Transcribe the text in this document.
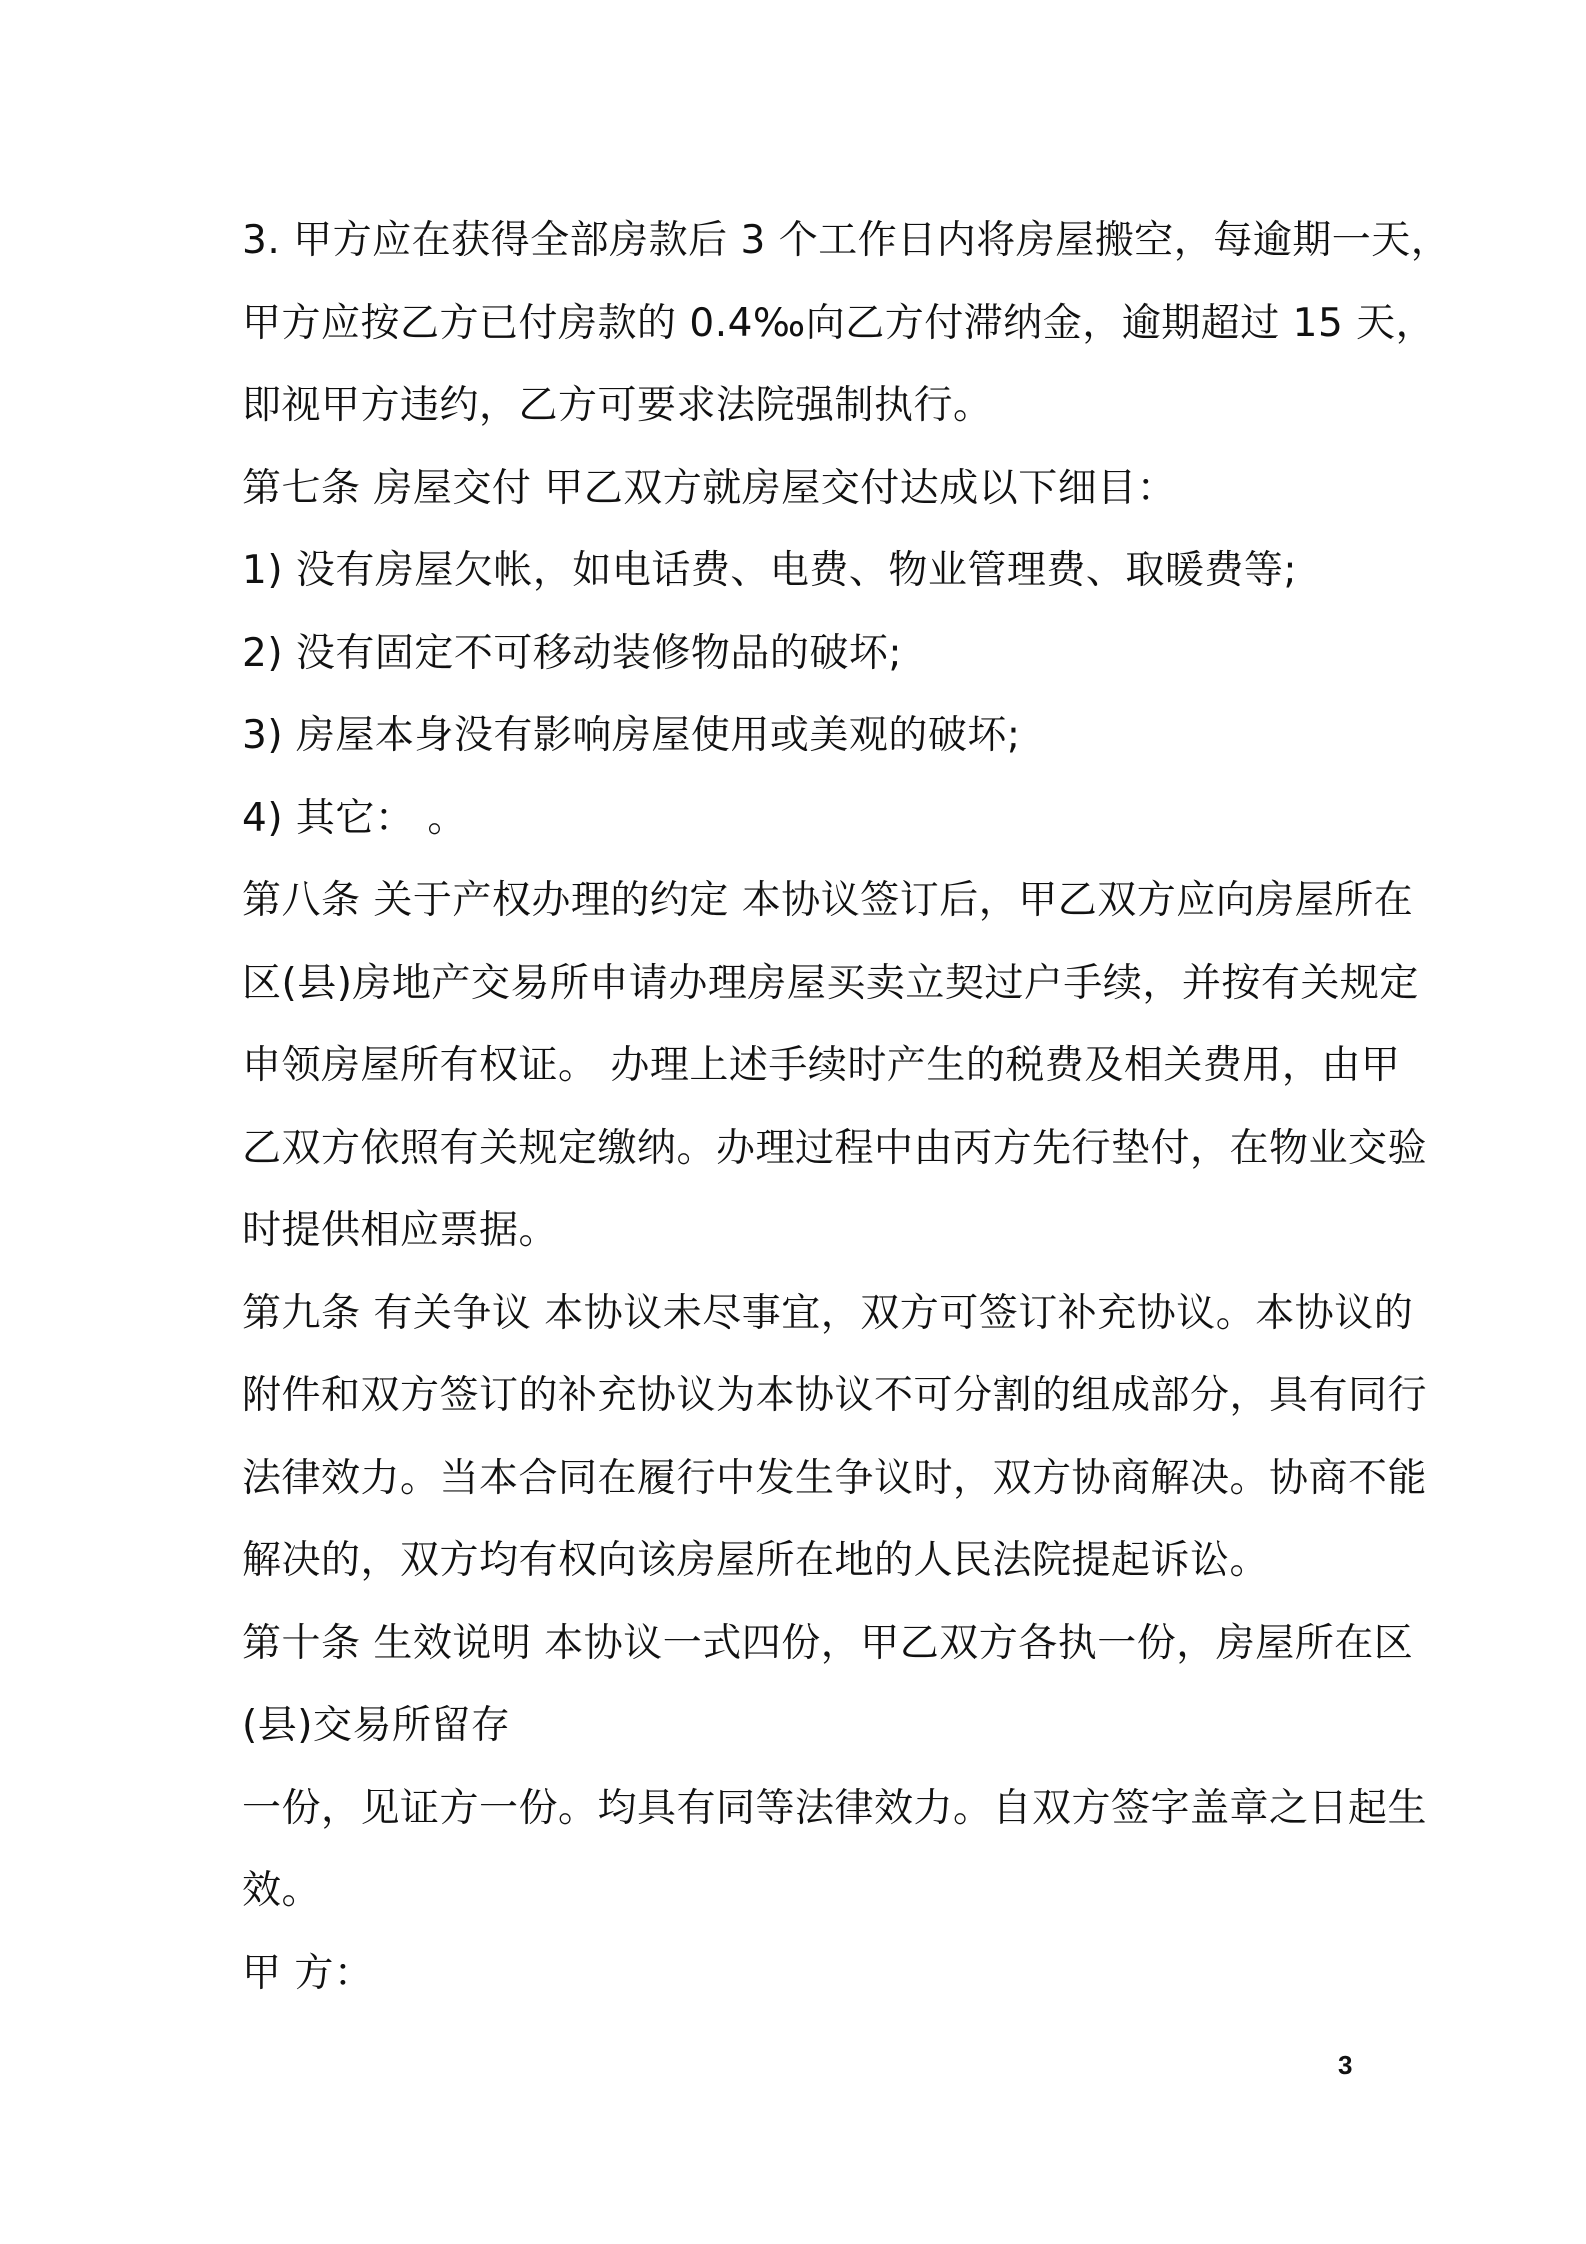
3. 甲方应在获得全部房款后 3 个工作日内将房屋搬空，每逾期一天，
甲方应按乙方已付房款的 0.4‰向乙方付滞纳金，逾期超过 15 天，
即视甲方违约，乙方可要求法院强制执行。
第七条 房屋交付 甲乙双方就房屋交付达成以下细目：
1) 没有房屋欠帐，如电话费、电费、物业管理费、取暖费等;
2) 没有固定不可移动装修物品的破坏;
3) 房屋本身没有影响房屋使用或美观的破坏;
4) 其它： 。
第八条 关于产权办理的约定 本协议签订后，甲乙双方应向房屋所在
区(县)房地产交易所申请办理房屋买卖立契过户手续，并按有关规定
申领房屋所有权证。 办理上述手续时产生的税费及相关费用，由甲
乙双方依照有关规定缴纳。办理过程中由丙方先行垫付，在物业交验
时提供相应票据。
第九条 有关争议 本协议未尽事宜，双方可签订补充协议。本协议的
附件和双方签订的补充协议为本协议不可分割的组成部分，具有同行
法律效力。当本合同在履行中发生争议时，双方协商解决。协商不能
解决的，双方均有权向该房屋所在地的人民法院提起诉讼。
第十条 生效说明 本协议一式四份，甲乙双方各执一份，房屋所在区
(县)交易所留存
一份，见证方一份。均具有同等法律效力。自双方签字盖章之日起生
效。
甲 方：
3
